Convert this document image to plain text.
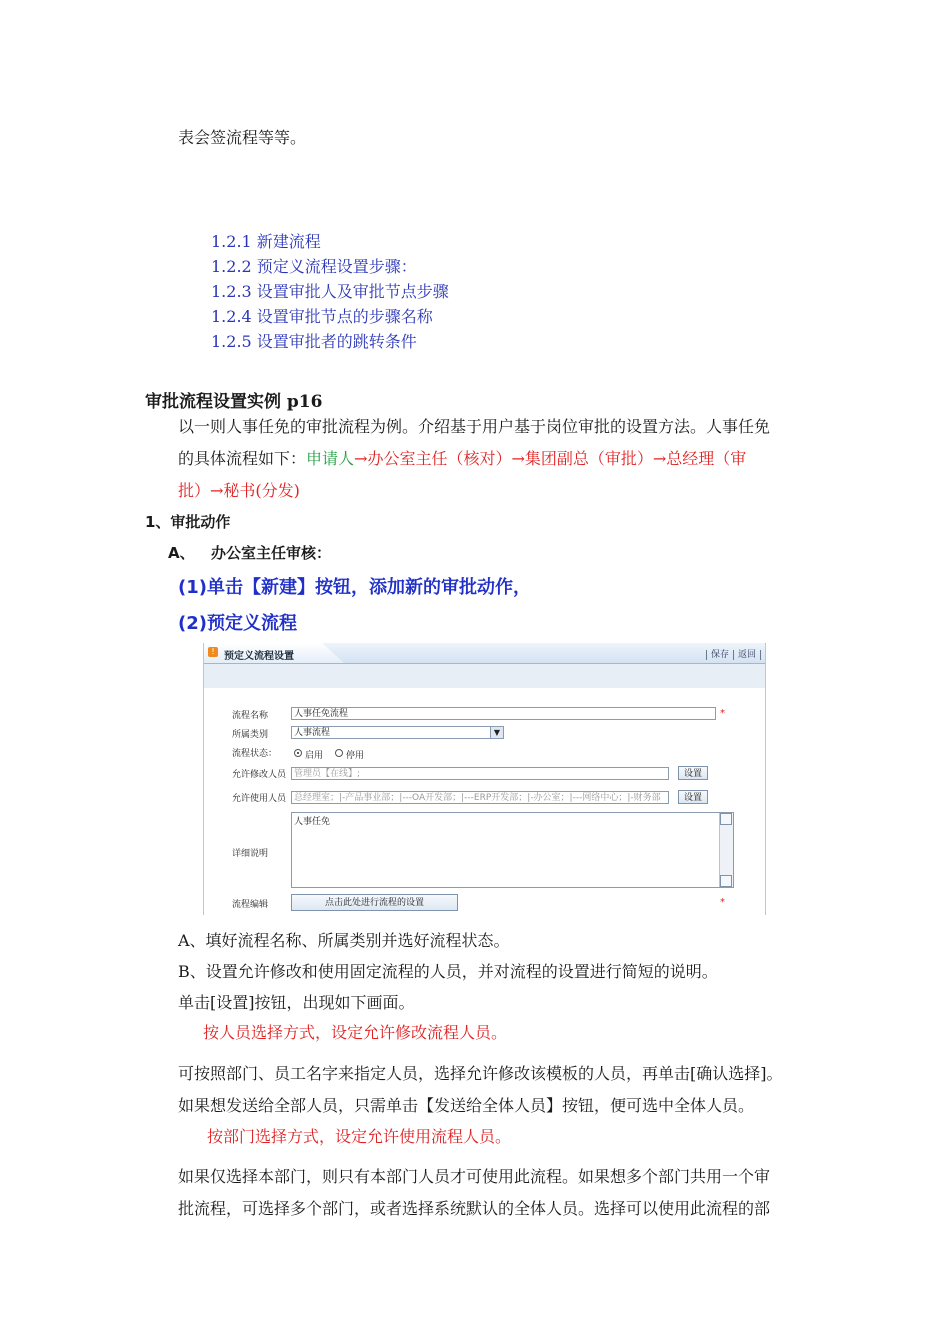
表会签流程等等。
1.2.1 新建流程
1.2.2 预定义流程设置步骤：
1.2.3 设置审批人及审批节点步骤
1.2.4 设置审批节点的步骤名称
1.2.5 设置审批者的跳转条件
审批流程设置实例 p16
以一则人事任免的审批流程为例。介绍基于用户基于岗位审批的设置方法。人事任免
的具体流程如下：申请人→办公室主任（核对）→集团副总（审批）→总经理（审
批）→秘书(分发)
1、审批动作
A、 办公室主任审核：
(1)单击【新建】按钮，添加新的审批动作，
(2)预定义流程
! 预定义流程设置	保存 返回
流程名称	人事任免流程	*
所属类别	人事流程	▼
流程状态：	启用	停用
允许修改人员 管理员【在线】;	设置
允许使用人员 总经理室；|-产品事业部；|---OA开发部；|---ERP开发部；|-办公室；|---网络中心；|-财务部	设置
人事任免
详细说明
流程编辑	点击此处进行流程的设置	*
A、填好流程名称、所属类别并选好流程状态。
B、设置允许修改和使用固定流程的人员，并对流程的设置进行简短的说明。
单击[设置]按钮，出现如下画面。
按人员选择方式，设定允许修改流程人员。
可按照部门、员工名字来指定人员，选择允许修改该模板的人员，再单击[确认选择]。
如果想发送给全部人员，只需单击【发送给全体人员】按钮，便可选中全体人员。
按部门选择方式，设定允许使用流程人员。
如果仅选择本部门，则只有本部门人员才可使用此流程。如果想多个部门共用一个审
批流程，可选择多个部门，或者选择系统默认的全体人员。选择可以使用此流程的部
